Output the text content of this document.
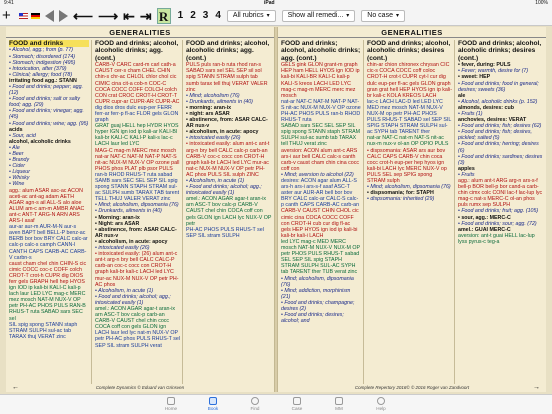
9:41	iPad	100%
+	⟵ ⟶ ⇤ ⇥ R 1 2 3 4	All rubrics ▾	Show all remedi... ▾	No case ▾
GENERALITIES
FOOD and drinks
• Alcohol, agg.; from (p. 77)
• Stomach; disordered (174)
• Stomach; indigestion (495)
• Intoxication, after (379)
• Clinical; allergy; food (78)
irritating food agg.: STANN
• Food and drinks; pepper; agg. (12)
• Food and drinks; salt or salty food; agg. (29)
• Food and drinks; vinegar; agg. (45)
• Food and drinks; wine; agg. (95)
acids
• Sour, acid
alcohol, alcoholic drinks
• Ale
• Beer
• Brandy
• Cider
• Liqueur
• Whisky
• Wine
agg.: alum ASAR asc-ac ACON aceti-ac ant-ag adam AETH AGAR agn-s ail ALL-S alo aloe ALUM am-c am-m AMBR ANAC ant-c ANT-T ARG-N ARN ARS ARS-I asaf
aur-ar aur-m AUR-M-N aur-s aven BAPT bell BELL-P benz-ac BERB bor bov BRY CALC calc-ar calc-p calc-s camph CANN-I CANTH CAPS CARB-AC CARB-V carbn-s
caust cham chel chin CHIN-S cic cimic COCC coc-c COFF colch CROT-T crot-h CUPR dig DIOS ferr gels GRAPH hell hep HYOS
ign IOD ip kali-bi KALI-C kali-p lach laur LED LYC mag-c MERC mez mosch NAT-M NUX-V OP petr PH-AC PHOS PULS RAN-B RHUS-T ruta SABAD sars SEC sel
SIL spig spong STANN staph STRAM SULPH sul-ac tab TARAX thuj VERAT zinc
FOOD and drinks; alcohol, alcoholic drinks; agg. (cont.)
CARB-V CARC card-m carl cath-a CAUST cer-s cham CHEL CHIN chin-s chr-ac CHLOL chlor chol cic CIMIC cina cit-a cob-n COC-C COCA COCC COFF COLCH colch CON crat CROC CROT-H CROT-T CUPR cupr-ar CUPR-AR CUPR-AC
dig dios dros dulc eup-per FERR ferr-ar ferr-p fl-ac FLOR gels GLON graph
GRAT guaj HELL hep HYDR HYOS hyper IGN ign iod ip kali-ar KALI-BI kali-br KALI-C KALI-P kali-s lac-c LACH laur led LYC
MAG-C mag-m MERC mez mosch nat-ar NAT-C NAT-M NAT-P NAT-S nit-ac NUX-M NUX-V OP ozone pall PHOS phos PLAT plb psor PULS
ran-b RHOD RHUS-T ruta sabad SAMB sars SEC SEL SEP SIL spig spong STANN STAPH STRAM sul-ac SULPH sumb TARAX TAB tarent TELL THUJ VALER VERAT zinc
• Mind; alcoholism, dipsomania (76)
• Drunkards, ailments in (40)
• Morning: aran-ix
• Night: ars ASAR
• abstinence, from: ASAR CALC-AR nux-v
• alcoholism, in acute: apocy
• intoxicated easily (26)
• intoxicated easily: (26) alum ant-c ant-t arg-n bry bell CALC CALC-P carb-an coc-c cocc con CROT-H graph kali-br kali-c LACH led LYC mur-ac NUX-M NUX-V OP petr PH-AC phos
• Alcoholism, in acute (1)
• Food and drinks; alcohol; agg.; intoxicated easily (1)
amel.: ACON AGAR agar-t aran-ix arn ASC-T bov calc-p carb-an CARB-V CAUST chel chin cocc COCA coff con gels GLON ign
LACH laur led lyc nat-m NUX-V OP petr PH-AC phos PULS RHUS-T sel SEP SIL stram SULPH verat
FOOD and drinks; alcohol, alcoholic drinks; agg. (cont.)
PULS puls ran-b ruta rhod ran-s SABAD sars sel SEL SEP sil sol spig STANN STRAM sulph tab sumb tarax tell thuj VERAT VALER zinc
• Mind; alcoholism (76)
• Drunkards, ailments in (40)
• morning: aran-ix
• night: ars ASAR
• abstinence, from: ASAR CALC-AR nux-v
• alcoholism, in acute: apocy
• intoxicated easily (26)
• intoxicated easily: alum ant-c ant-t arg-n bry bell CALC calc-p carb-an CARB-V coc-c cocc con CROT-H graph kali-br LACH led LYC mur-ac nat-c NUX-M NUX-V OP petr PH-AC phos PULS SIL sulph ZINC
• Alcoholism, in acute (1)
• Food and drinks; alcohol; agg.; intoxicated easily (1)
amel.: ACON AGAR agar-t aran-ix arn ASC-T bov calc-p CARB-V CAUST chel chin COCA coff con gels GLON ign LACH lyc NUX-V OP petr
PH-AC PHOS PULS RHUS-T sel SEP SIL stram SULPH
←	Complete Dynamics © Eduard van Grinsven
GENERALITIES
FOOD and drinks; alcohol, alcoholic drinks; agg. (cont.)
GELS gink GLON grant-m graph HEP ham HELL HYOS ign IOD ip kali-bi KALI-BR KALI-C kali-p KALI-S kreos LACH LED LYC mag-c mag-m MERC merc mez mosch
nat-ar NAT-C NAT-M NAT-P NAT-S nit-ac NUX-M NUX-V OP ozone PH-AC PHOS PULS ran-b RHOD RHUS-T ruta
SABAD sars SEC SEL SEP SIL spig spong STANN staph STRAM SULPH sul-ac sumb tab TARAX tell THUJ verat zinc
aversion: ACON alum ant-c ARS ars-i aur bell CALC calc-s canth carb-v caust cham chin cina cocc coff con
• Mind; aversion to alcohol (22)
desires: ACON agar alum ALL-S ars-h ars-i ars-s-f asaf ASC-T aster aur AUR-AR bell bor bov BRY CALC calc-ar CALC-S calc-p canth CAPS CARB-AC carb-an
CARB-V CAUST CHIN CHOL cic cimic cina COCA COCC COFF con CROT-H cub cur dig fl-ac gels HEP HYOS ign iod ip kali-bi kali-br kali-i LACH
led LYC mag-c MED MERC mosch NAT-M NUX-V NUX-M OP petr PHOS PULS RHUS-T sabad SEL SEP SIL spig STAPH STRAM SULPH SUL-AC SYPH tab TARENT ther TUB verat zinc
• Mind; alcoholism, dipsomania (76)
• Mind; addiction, morphinism (21)
• Food and drinks; champagne; desires (2)
• Food and drinks; desires; alcohol; and
FOOD and drinks; alcohol, alcoholic drinks; desires (cont.)
chin-ar chion chironex chrysan CIC cic-s COCA COCC coff coloc CROT-H crot-t CUPR cyt-l cur dig dulc eup-per fl-ac gels GLON graph gran grat hell HEP HYOS ign ip kali-br kali-c KOLA KREOS LACH
lac-c LACH LAC-D led LED LYC MED mez mosch NAT-M NUX-V NUX-M op petr PH-AC PHOS PULS RHUS-T SABAD sel SEP SIL SPIG STAPH STRAM SULPH sul-ac SYPH tab TARENT ther
nat-ar NAT-C nat-m NAT-S nit-ac nux-m nux-v ol-an OP OPIO PULS
• dispsomania: ASAR ars aur bov CALC CAPS CARB-V chin coca cocc crot-h eup-per hep hyos ign kali-bi LACH lyc MERC NUX-V op PULS SEL sep SPIG spong STRAM sulph
• Mind; alcoholism, dipsomania (76)
• dispsomania; for: STAPH
• dispsomania: inherited (29)
FOOD and drinks; alcohol, alcoholic drinks; desires (cont.)
• fever, during: PULS
• Fever; warmth, desire for (7)
• sweet: HEP
• Food and drinks; food in general; desires; sweets (36)
ale
• Alcohol, alcoholic drinks (p. 152)
almonds, desires: cub
• Fruits (1)
anchovies, desires: VERAT
• Food and drinks; fish; desires (62)
• Food and drinks; fish; desires, pickled; salted (5)
• Food and drinks; herring; desires (6)
• Food and drinks; sardines; desires (3)
apples
• Fruits
agg.: alum ant-t ARG arg-n ars-s-f bell-p BOR bell-p bor cand-a carb-chin cimx colc CONI lac-f lac-lup lyc mag-c nat-s MERC-C ol-an phos puls rumx sep SULPH
• Food and drinks; fruit; agg. (105)
• sour, agg.: MERC-C
• Food and drinks; sour; agg. (72)
amel.: GUAI MERC-C
aversion: ant-t guai HELL lac-lup lyss pyrus-c teg-a
Complete Repertory 2016© © 2016 Roger van Zandvoort	→
Home	Book	Find	Case	MM	Help
